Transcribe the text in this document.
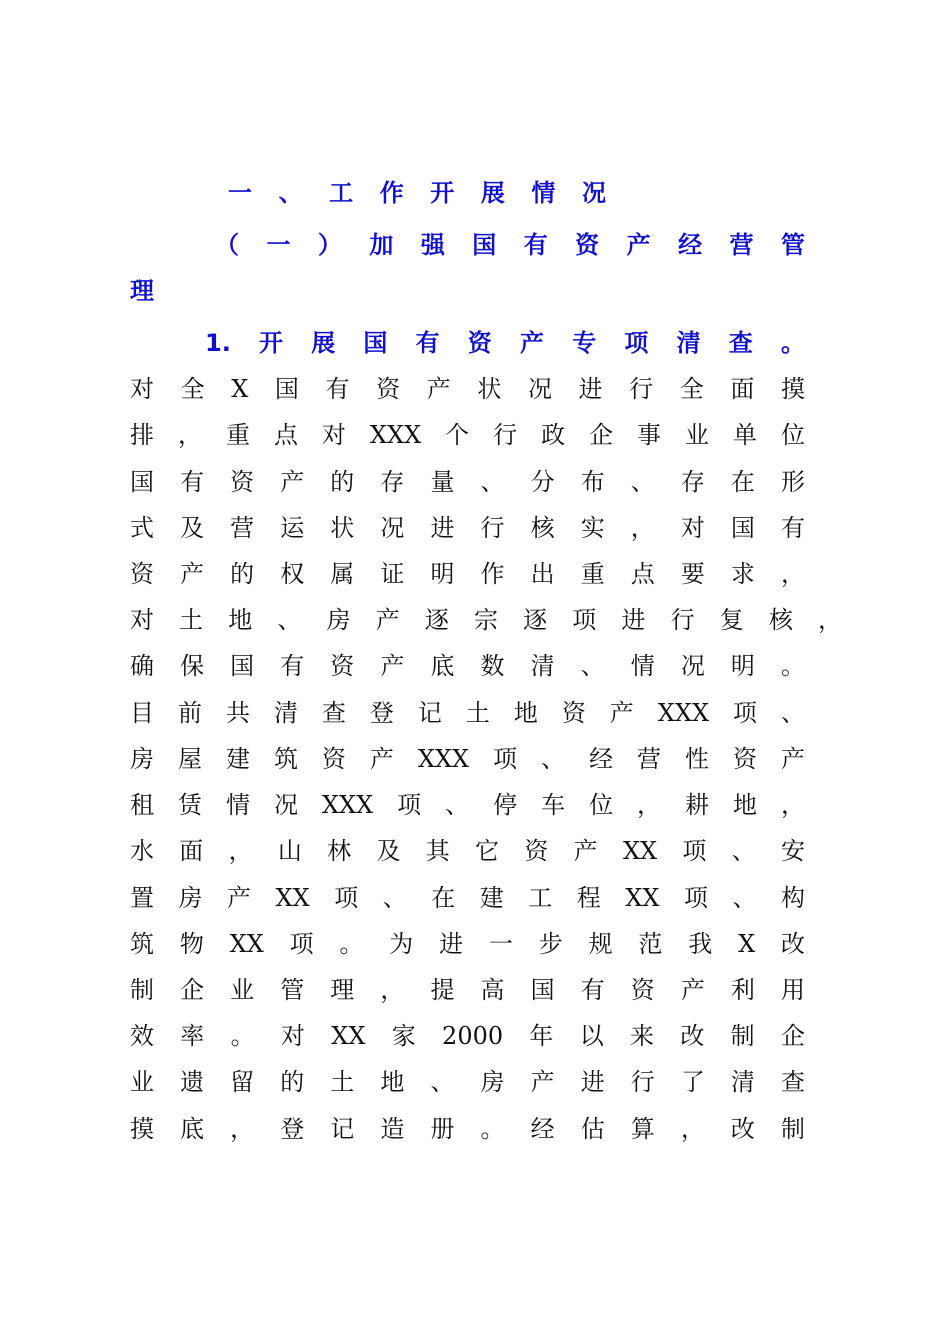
一、工作开展情况
（一）加强国有资产经营管
理
1.开展国有资产专项清查。
对全X国有资产状况进行全面摸
排，重点对XXX个行政企事业单位
国有资产的存量、分布、存在形
式及营运状况进行核实，对国有
资产的权属证明作出重点要求，
对土地、房产逐宗逐项进行复核，
确保国有资产底数清、情况明。
目前共清查登记土地资产XXX项、
房屋建筑资产XXX项、经营性资产
租赁情况XXX项、停车位，耕地，
水面，山林及其它资产XX项、安
置房产XX项、在建工程XX项、构
筑物XX项。为进一步规范我X改
制企业管理，提高国有资产利用
效率。对XX家2000年以来改制企
业遗留的土地、房产进行了清查
摸底，登记造册。经估算，改制
